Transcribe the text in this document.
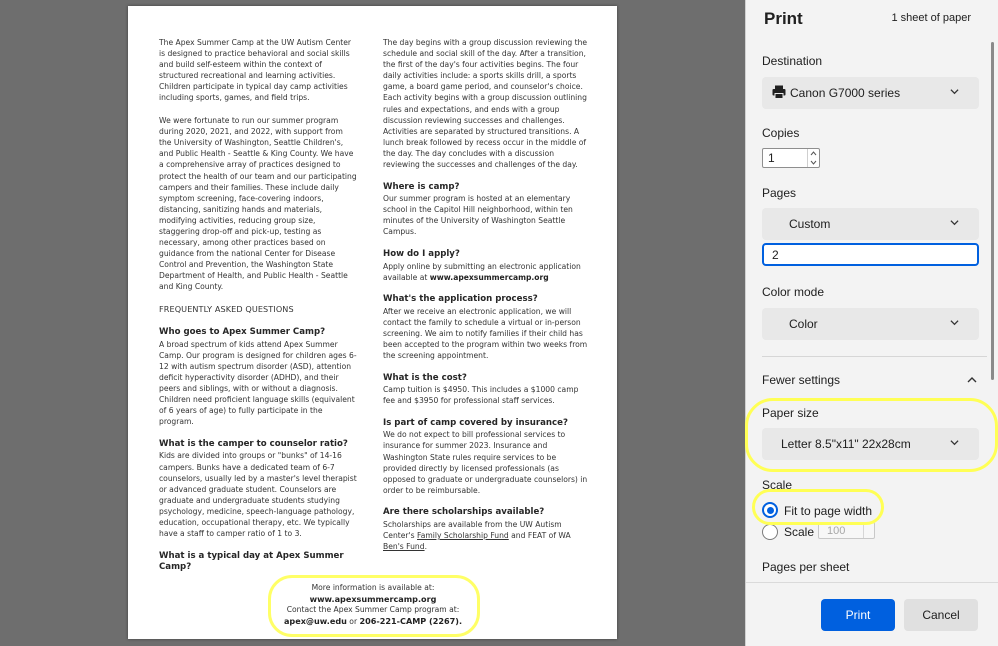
The Apex Summer Camp at the UW Autism Center is designed to practice behavioral and social skills and build self-esteem within the context of structured recreational and learning activities. Children participate in typical day camp activities including sports, games, and field trips.

We were fortunate to run our summer program during 2020, 2021, and 2022, with support from the University of Washington, Seattle Children's, and Public Health - Seattle & King County. We have a comprehensive array of practices designed to protect the health of our team and our participating campers and their families. These include daily symptom screening, face-covering indoors, distancing, sanitizing hands and materials, modifying activities, reducing group size, staggering drop-off and pick-up, testing as necessary, among other practices based on guidance from the national Center for Disease Control and Prevention, the Washington State Department of Health, and Public Health - Seattle and King County.

FREQUENTLY ASKED QUESTIONS
Who goes to Apex Summer Camp?

A broad spectrum of kids attend Apex Summer Camp. Our program is designed for children ages 6-12 with autism spectrum disorder (ASD), attention deficit hyperactivity disorder (ADHD), and their peers and siblings, with or without a diagnosis. Children need proficient language skills (equivalent of 6 years of age) to fully participate in the program.

What is the camper to counselor ratio?

Kids are divided into groups or "bunks" of 14-16 campers. Bunks have a dedicated team of 6-7 counselors, usually led by a master's level therapist or advanced graduate student. Counselors are graduate and undergraduate students studying psychology, medicine, speech-language pathology, education, occupational therapy, etc. We typically have a staff to camper ratio of 1 to 3.

What is a typical day at Apex Summer Camp?

The day begins with a group discussion reviewing the schedule and social skill of the day. After a transition, the first of the day's four activities begins. The four daily activities include: a sports skills drill, a sports game, a board game period, and counselor's choice. Each activity begins with a group discussion outlining rules and expectations, and ends with a group discussion reviewing successes and challenges. Activities are separated by structured transitions. A lunch break followed by recess occur in the middle of the day. The day concludes with a discussion reviewing the successes and challenges of the day.

Where is camp?

Our summer program is hosted at an elementary school in the Capitol Hill neighborhood, within ten minutes of the University of Washington Seattle Campus.

How do I apply?

Apply online by submitting an electronic application available at www.apexsummercamp.org

What's the application process?

After we receive an electronic application, we will contact the family to schedule a virtual or in-person screening. We aim to notify families if their child has been accepted to the program within two weeks from the screening appointment.

What is the cost?

Camp tuition is $4950. This includes a $1000 camp fee and $3950 for professional staff services.

Is part of camp covered by insurance?

We do not expect to bill professional services to insurance for summer 2023. Insurance and Washington State rules require services to be provided directly by licensed professionals (as opposed to graduate or undergraduate counselors) in order to be reimbursable.

Are there scholarships available?

Scholarships are available from the UW Autism Center's Family Scholarship Fund and FEAT of WA Ben's Fund.

More information is available at:
www.apexsummercamp.org
Contact the Apex Summer Camp program at:
apex@uw.edu or 206-221-CAMP (2267).
Print	1 sheet of paper
Destination
Canon G7000 series
Copies
1
Pages
Custom
2
Color mode
Color
Fewer settings
Paper size
Letter 8.5"x11" 22x28cm
Scale
Fit to page width
Scale 100
Pages per sheet
Print	Cancel
